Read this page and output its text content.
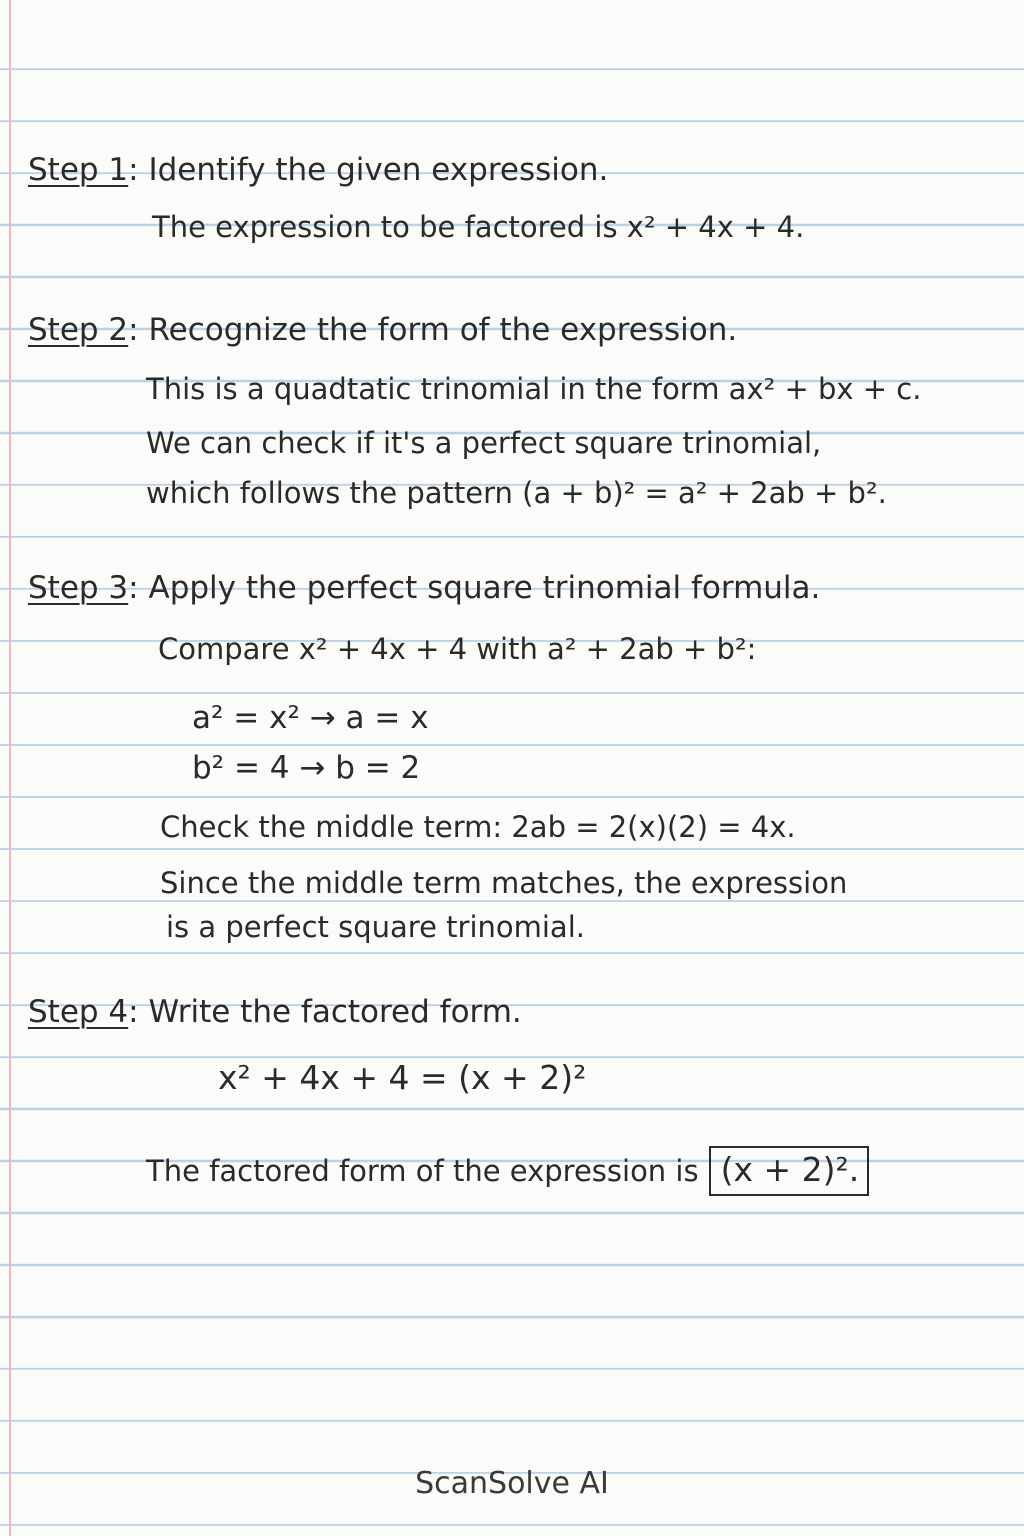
Step 1: Identify the given expression.
The expression to be factored is x² + 4x + 4.
Step 2: Recognize the form of the expression.
This is a quadtatic trinomial in the form ax² + bx + c.
We can check if it's a perfect square trinomial,
which follows the pattern (a + b)² = a² + 2ab + b².
Step 3: Apply the perfect square trinomial formula.
Compare x² + 4x + 4 with a² + 2ab + b²:
a² = x² → a = x
b² = 4 → b = 2
Check the middle term: 2ab = 2(x)(2) = 4x.
Since the middle term matches, the expression
is a perfect square trinomial.
Step 4: Write the factored form.
x² + 4x + 4 = (x + 2)²
The factored form of the expression is (x + 2)².
ScanSolve AI
